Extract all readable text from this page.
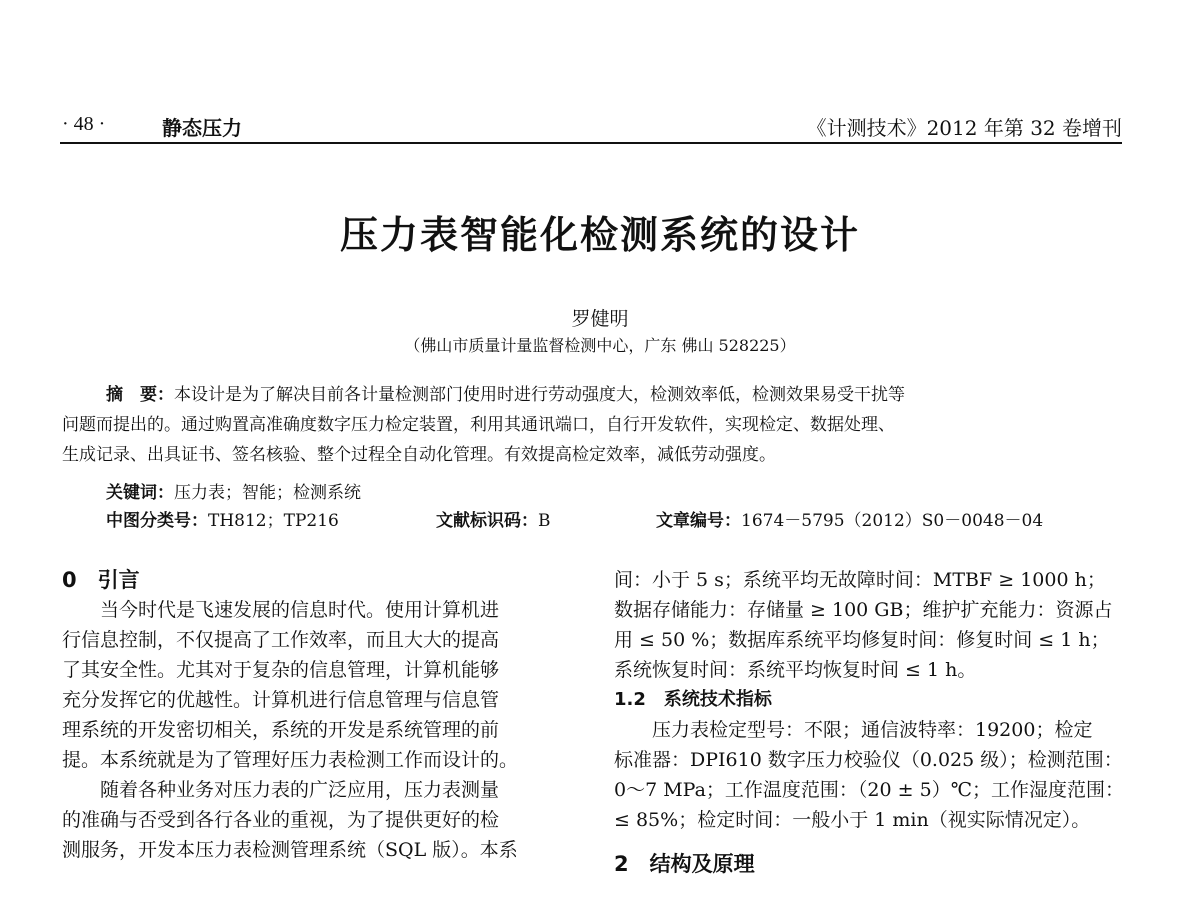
· 48 ·	静态压力	《计测技术》2012 年第 32 卷增刊
压力表智能化检测系统的设计
罗健明
（佛山市质量计量监督检测中心，广东 佛山 528225）
摘　要：本设计是为了解决目前各计量检测部门使用时进行劳动强度大，检测效率低，检测效果易受干扰等
问题而提出的。通过购置高准确度数字压力检定装置，利用其通讯端口，自行开发软件，实现检定、数据处理、
生成记录、出具证书、签名核验、整个过程全自动化管理。有效提高检定效率，减低劳动强度。
关键词：压力表；智能；检测系统
中图分类号：TH812；TP216	文献标识码：B	文章编号：1674－5795（2012）S0－0048－04
0　引言
当今时代是飞速发展的信息时代。使用计算机进
行信息控制，不仅提高了工作效率，而且大大的提高
了其安全性。尤其对于复杂的信息管理，计算机能够
充分发挥它的优越性。计算机进行信息管理与信息管
理系统的开发密切相关，系统的开发是系统管理的前
提。本系统就是为了管理好压力表检测工作而设计的。
随着各种业务对压力表的广泛应用，压力表测量
的准确与否受到各行各业的重视，为了提供更好的检
测服务，开发本压力表检测管理系统（SQL 版）。本系
间：小于 5 s；系统平均无故障时间：MTBF ≥ 1000 h；
数据存储能力：存储量 ≥ 100 GB；维护扩充能力：资源占
用 ≤ 50 %；数据库系统平均修复时间：修复时间 ≤ 1 h；
系统恢复时间：系统平均恢复时间 ≤ 1 h。
1.2　系统技术指标
压力表检定型号：不限；通信波特率：19200；检定
标准器：DPI610 数字压力校验仪（0.025 级）；检测范围：
0～7 MPa；工作温度范围：（20 ± 5）℃；工作湿度范围：
≤ 85%；检定时间：一般小于 1 min（视实际情况定）。
2　结构及原理
